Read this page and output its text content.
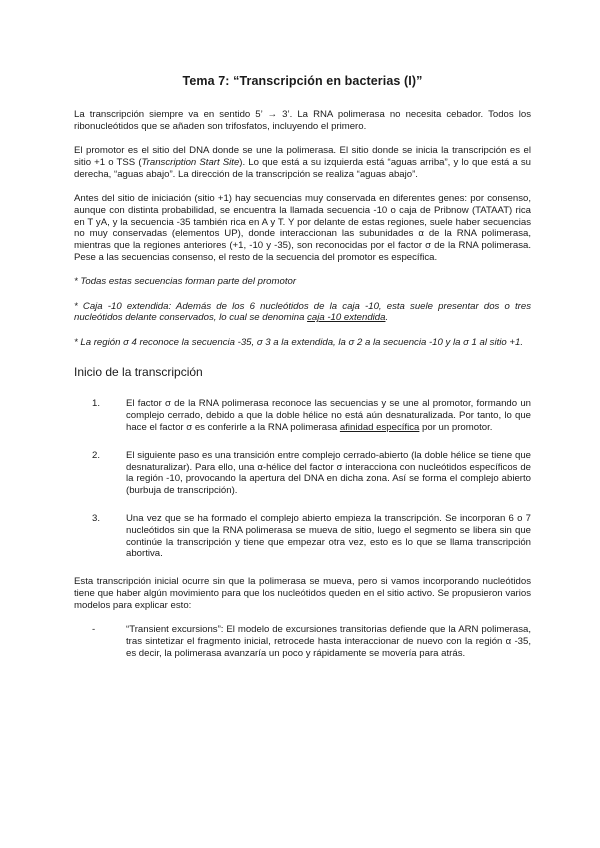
Tema 7: “Transcripción en bacterias (I)”

La transcripción siempre va en sentido 5’ → 3’. La RNA polimerasa no necesita cebador. Todos los ribonucleótidos que se añaden son trifosfatos, incluyendo el primero.

El promotor es el sitio del DNA donde se une la polimerasa. El sitio donde se inicia la transcripción es el sitio +1 o TSS (Transcription Start Site). Lo que está a su izquierda está “aguas arriba”, y lo que está a su derecha, “aguas abajo”. La dirección de la transcripción se realiza “aguas abajo”.

Antes del sitio de iniciación (sitio +1) hay secuencias muy conservada en diferentes genes: por consenso, aunque con distinta probabilidad, se encuentra la llamada secuencia -10 o caja de Pribnow (TATAAT) rica en T yA, y la secuencia -35 también rica en A y T. Y por delante de estas regiones, suele haber secuencias no muy conservadas (elementos UP), donde interaccionan las subunidades α de la RNA polimerasa, mientras que la regiones anteriores (+1, -10 y -35), son reconocidas por el factor σ de la RNA polimerasa. Pese a las secuencias consenso, el resto de la secuencia del promotor es específica.

* Todas estas secuencias forman parte del promotor

* Caja -10 extendida: Además de los 6 nucleótidos de la caja -10, esta suele presentar dos o tres nucleótidos delante conservados, lo cual se denomina caja -10 extendida.

* La región σ 4 reconoce la secuencia -35, σ 3 a la extendida, la σ 2 a la secuencia -10 y la σ 1 al sitio +1.

Inicio de la transcripción
1.	El factor σ de la RNA polimerasa reconoce las secuencias y se une al promotor, formando un complejo cerrado, debido a que la doble hélice no está aún desnaturalizada. Por tanto, lo que hace el factor σ es conferirle a la RNA polimerasa afinidad específica por un promotor.
2.	El siguiente paso es una transición entre complejo cerrado-abierto (la doble hélice se tiene que desnaturalizar). Para ello, una α-hélice del factor σ interacciona con nucleótidos específicos de la región -10, provocando la apertura del DNA en dicha zona. Así se forma el complejo abierto (burbuja de transcripción).
3.	Una vez que se ha formado el complejo abierto empieza la transcripción. Se incorporan 6 o 7 nucleótidos sin que la RNA polimerasa se mueva de sitio, luego el segmento se libera sin que continúe la transcripción y tiene que empezar otra vez, esto es lo que se llama transcripción abortiva.

Esta transcripción inicial ocurre sin que la polimerasa se mueva, pero si vamos incorporando nucleótidos tiene que haber algún movimiento para que los nucleótidos queden en el sitio activo. Se propusieron varios modelos para explicar esto:

-	“Transient excursions”: El modelo de excursiones transitorias defiende que la ARN polimerasa, tras sintetizar el fragmento inicial, retrocede hasta interaccionar de nuevo con la región α -35, es decir, la polimerasa avanzaría un poco y rápidamente se movería para atrás.
